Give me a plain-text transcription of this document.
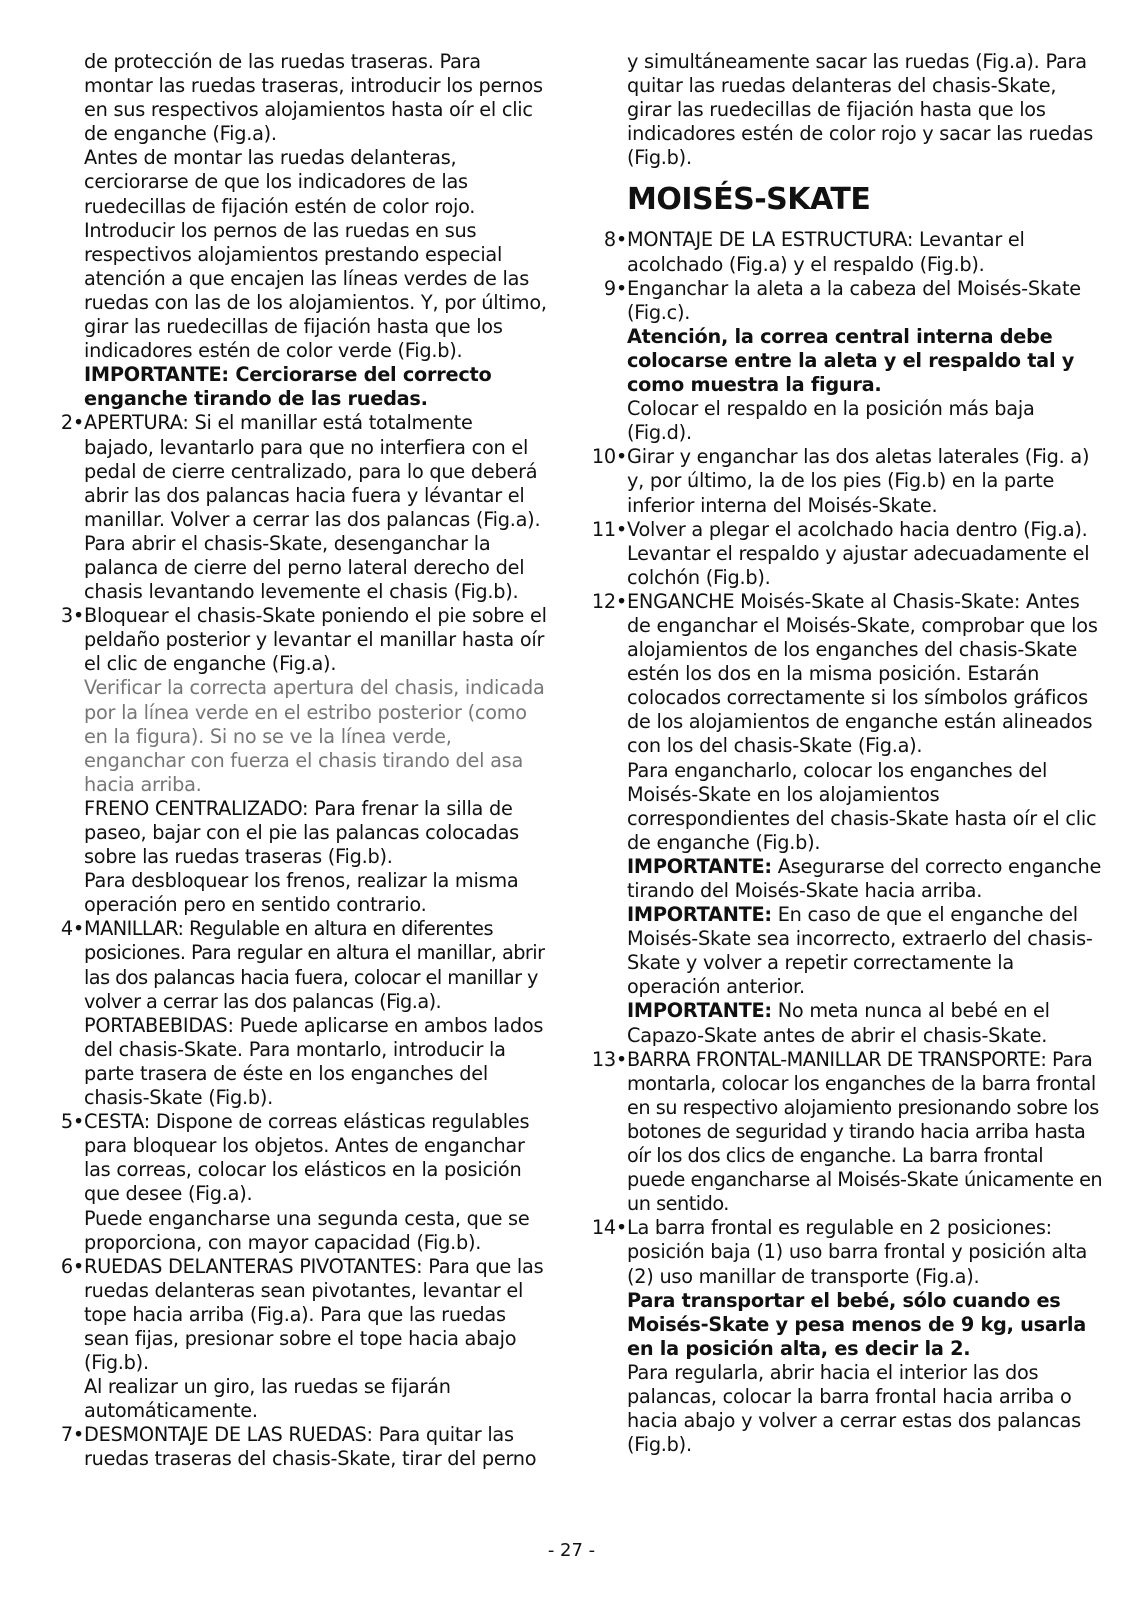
de protección de las ruedas traseras. Para montar las ruedas traseras, introducir los pernos en sus respectivos alojamientos hasta oír el clic de enganche (Fig.a).

Antes de montar las ruedas delanteras, cerciorarse de que los indicadores de las ruedecillas de fijación estén de color rojo. Introducir los pernos de las ruedas en sus respectivos alojamientos prestando especial atención a que encajen las líneas verdes de las ruedas con las de los alojamientos. Y, por último, girar las ruedecillas de fijación hasta que los indicadores estén de color verde (Fig.b).

IMPORTANTE: Cerciorarse del correcto enganche tirando de las ruedas.

2• APERTURA: Si el manillar está totalmente bajado, levantarlo para que no interfiera con el pedal de cierre centralizado, para lo que deberá abrir las dos palancas hacia fuera y lévantar el manillar. Volver a cerrar las dos palancas (Fig.a).

Para abrir el chasis-Skate, desenganchar la palanca de cierre del perno lateral derecho del chasis levantando levemente el chasis (Fig.b).

3• Bloquear el chasis-Skate poniendo el pie sobre el peldaño posterior y levantar el manillar hasta oír el clic de enganche (Fig.a).

Verificar la correcta apertura del chasis, indicada por la línea verde en el estribo posterior (como en la figura). Si no se ve la línea verde, enganchar con fuerza el chasis tirando del asa hacia arriba.

FRENO CENTRALIZADO: Para frenar la silla de paseo, bajar con el pie las palancas colocadas sobre las ruedas traseras (Fig.b).

Para desbloquear los frenos, realizar la misma operación pero en sentido contrario.

4• MANILLAR: Regulable en altura en diferentes posiciones. Para regular en altura el manillar, abrir las dos palancas hacia fuera, colocar el manillar y volver a cerrar las dos palancas (Fig.a).

PORTABEBIDAS: Puede aplicarse en ambos lados del chasis-Skate. Para montarlo, introducir la parte trasera de éste en los enganches del chasis-Skate (Fig.b).

5• CESTA: Dispone de correas elásticas regulables para bloquear los objetos. Antes de enganchar las correas, colocar los elásticos en la posición que desee (Fig.a).

Puede engancharse una segunda cesta, que se proporciona, con mayor capacidad (Fig.b).

6• RUEDAS DELANTERAS PIVOTANTES: Para que las ruedas delanteras sean pivotantes, levantar el tope hacia arriba (Fig.a). Para que las ruedas sean fijas, presionar sobre el tope hacia abajo (Fig.b).

Al realizar un giro, las ruedas se fijarán automáticamente.

7• DESMONTAJE DE LAS RUEDAS: Para quitar las ruedas traseras del chasis-Skate, tirar del perno

y simultáneamente sacar las ruedas (Fig.a). Para quitar las ruedas delanteras del chasis-Skate, girar las ruedecillas de fijación hasta que los indicadores estén de color rojo y sacar las ruedas (Fig.b).

MOISÉS-SKATE
8• MONTAJE DE LA ESTRUCTURA: Levantar el acolchado (Fig.a) y el respaldo (Fig.b).

9• Enganchar la aleta a la cabeza del Moisés-Skate (Fig.c).

Atención, la correa central interna debe colocarse entre la aleta y el respaldo tal y como muestra la figura.

Colocar el respaldo en la posición más baja (Fig.d).

10• Girar y enganchar las dos aletas laterales (Fig. a) y, por último, la de los pies (Fig.b) en la parte inferior interna del Moisés-Skate.

11• Volver a plegar el acolchado hacia dentro (Fig.a). Levantar el respaldo y ajustar adecuadamente el colchón (Fig.b).

12• ENGANCHE Moisés-Skate al Chasis-Skate: Antes de enganchar el Moisés-Skate, comprobar que los alojamientos de los enganches del chasis-Skate estén los dos en la misma posición. Estarán colocados correctamente si los símbolos gráficos de los alojamientos de enganche están alineados con los del chasis-Skate (Fig.a).

Para engancharlo, colocar los enganches del Moisés-Skate en los alojamientos correspondientes del chasis-Skate hasta oír el clic de enganche (Fig.b).

IMPORTANTE: Asegurarse del correcto enganche tirando del Moisés-Skate hacia arriba.

IMPORTANTE: En caso de que el enganche del Moisés-Skate sea incorrecto, extraerlo del chasis-Skate y volver a repetir correctamente la operación anterior.

IMPORTANTE: No meta nunca al bebé en el Capazo-Skate antes de abrir el chasis-Skate.

13• BARRA FRONTAL-MANILLAR DE TRANSPORTE: Para montarla, colocar los enganches de la barra frontal en su respectivo alojamiento presionando sobre los botones de seguridad y tirando hacia arriba hasta oír los dos clics de enganche. La barra frontal puede engancharse al Moisés-Skate únicamente en un sentido.

14• La barra frontal es regulable en 2 posiciones: posición baja (1) uso barra frontal y posición alta (2) uso manillar de transporte (Fig.a).

Para transportar el bebé, sólo cuando es Moisés-Skate y pesa menos de 9 kg, usarla en la posición alta, es decir la 2.

Para regularla, abrir hacia el interior las dos palancas, colocar la barra frontal hacia arriba o hacia abajo y volver a cerrar estas dos palancas (Fig.b).

- 27 -
